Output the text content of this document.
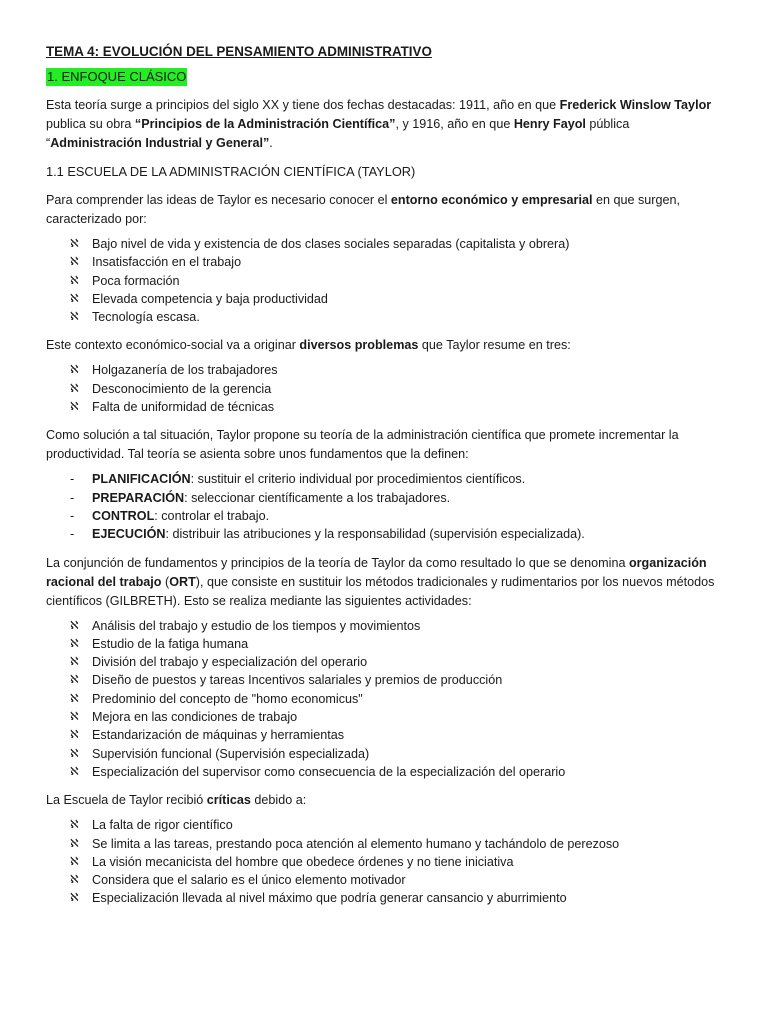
TEMA 4: EVOLUCIÓN DEL PENSAMIENTO ADMINISTRATIVO
1. ENFOQUE CLÁSICO

Esta teoría surge a principios del siglo XX y tiene dos fechas destacadas: 1911, año en que Frederick Winslow Taylor publica su obra “Principios de la Administración Científica”, y 1916, año en que Henry Fayol pública “Administración Industrial y General”.

1.1 ESCUELA DE LA ADMINISTRACIÓN CIENTÍFICA (TAYLOR)

Para comprender las ideas de Taylor es necesario conocer el entorno económico y empresarial en que surgen, caracterizado por:

ℵ	Bajo nivel de vida y existencia de dos clases sociales separadas (capitalista y obrera)
ℵ	Insatisfacción en el trabajo
ℵ	Poca formación
ℵ	Elevada competencia y baja productividad
ℵ	Tecnología escasa.

Este contexto económico-social va a originar diversos problemas que Taylor resume en tres:

ℵ	Holgazanería de los trabajadores
ℵ	Desconocimiento de la gerencia
ℵ	Falta de uniformidad de técnicas

Como solución a tal situación, Taylor propone su teoría de la administración científica que promete incrementar la productividad. Tal teoría se asienta sobre unos fundamentos que la definen:

-	PLANIFICACIÓN: sustituir el criterio individual por procedimientos científicos.
-	PREPARACIÓN: seleccionar científicamente a los trabajadores.
-	CONTROL: controlar el trabajo.
-	EJECUCIÓN: distribuir las atribuciones y la responsabilidad (supervisión especializada).

La conjunción de fundamentos y principios de la teoría de Taylor da como resultado lo que se denomina organización racional del trabajo (ORT), que consiste en sustituir los métodos tradicionales y rudimentarios por los nuevos métodos científicos (GILBRETH). Esto se realiza mediante las siguientes actividades:

ℵ	Análisis del trabajo y estudio de los tiempos y movimientos
ℵ	Estudio de la fatiga humana
ℵ	División del trabajo y especialización del operario
ℵ	Diseño de puestos y tareas Incentivos salariales y premios de producción
ℵ	Predominio del concepto de "homo economicus"
ℵ	Mejora en las condiciones de trabajo
ℵ	Estandarización de máquinas y herramientas
ℵ	Supervisión funcional (Supervisión especializada)
ℵ	Especialización del supervisor como consecuencia de la especialización del operario

La Escuela de Taylor recibió críticas debido a:

ℵ	La falta de rigor científico
ℵ	Se limita a las tareas, prestando poca atención al elemento humano y tachándolo de perezoso
ℵ	La visión mecanicista del hombre que obedece órdenes y no tiene iniciativa
ℵ	Considera que el salario es el único elemento motivador
ℵ	Especialización llevada al nivel máximo que podría generar cansancio y aburrimiento
